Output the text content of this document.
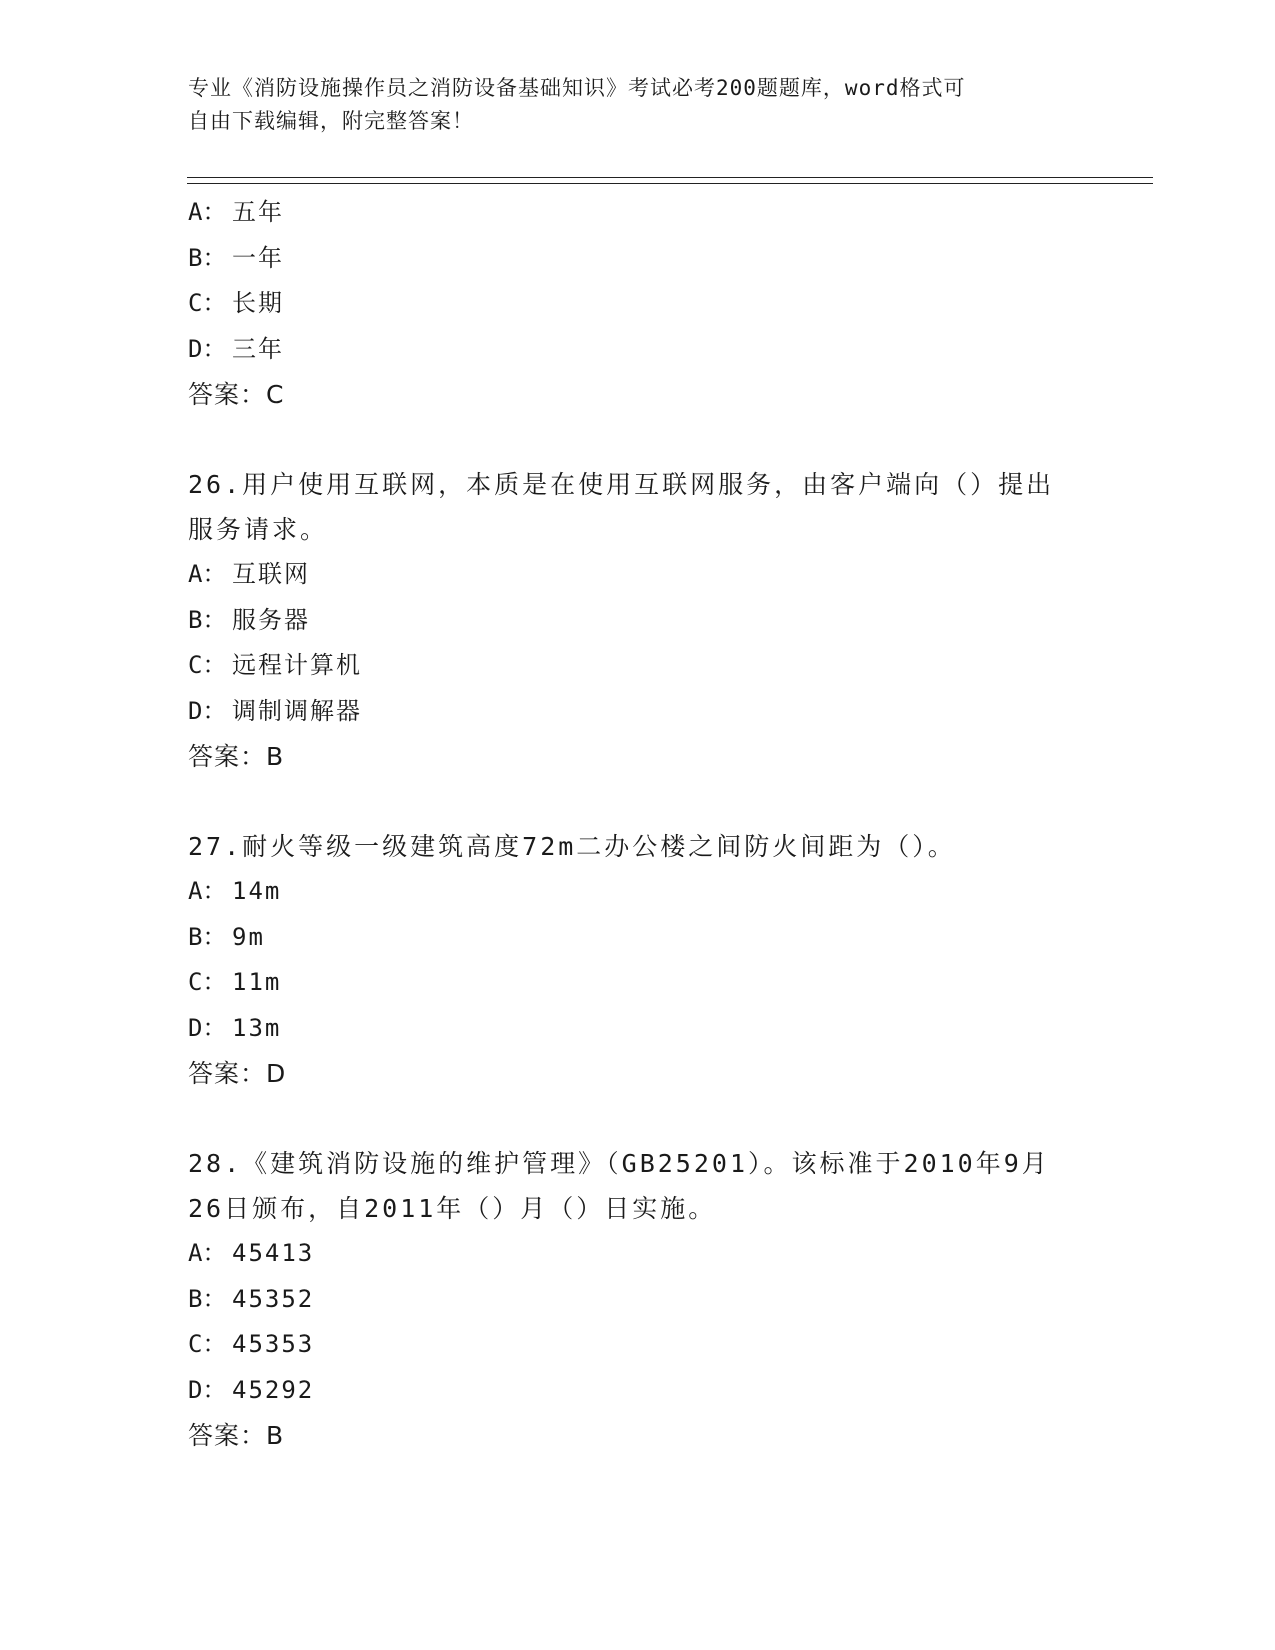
专业《消防设施操作员之消防设备基础知识》考试必考200题题库，word格式可
自由下载编辑，附完整答案！
A： 五年
B： 一年
C： 长期
D： 三年
答案：C
26.用户使用互联网，本质是在使用互联网服务，由客户端向（）提出
服务请求。
A： 互联网
B： 服务器
C： 远程计算机
D： 调制调解器
答案：B
27.耐火等级一级建筑高度72m二办公楼之间防火间距为（）。
A： 14m
B： 9m
C： 11m
D： 13m
答案：D
28.《建筑消防设施的维护管理》（GB25201）。该标准于2010年9月
26日颁布，自2011年（）月（）日实施。
A： 45413
B： 45352
C： 45353
D： 45292
答案：B
